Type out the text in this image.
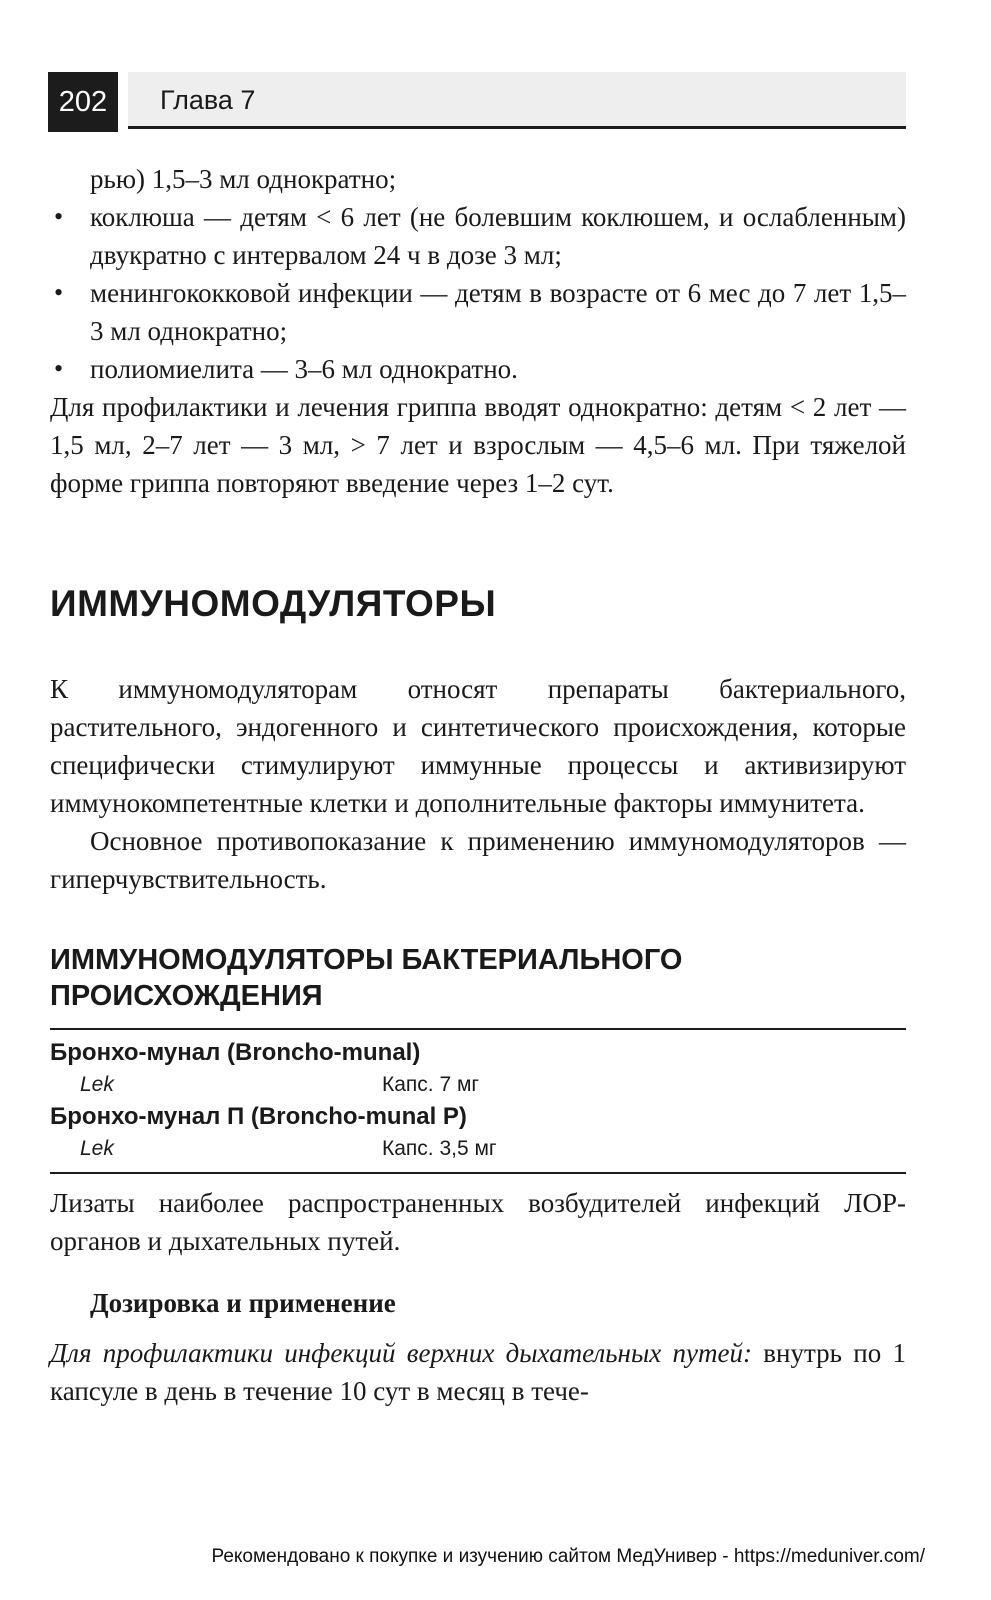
202	Глава 7

рью) 1,5–3 мл однократно;

• коклюша — детям < 6 лет (не болевшим коклюшем, и ослабленным) двукратно с интервалом 24 ч в дозе 3 мл;
• менингококковой инфекции — детям в возрасте от 6 мес до 7 лет 1,5–3 мл однократно;
• полиомиелита — 3–6 мл однократно.

Для профилактики и лечения гриппа вводят однократно: детям < 2 лет — 1,5 мл, 2–7 лет — 3 мл, > 7 лет и взрослым — 4,5–6 мл. При тяжелой форме гриппа повторяют введение через 1–2 сут.

ИММУНОМОДУЛЯТОРЫ

К иммуномодуляторам относят препараты бактериального, растительного, эндогенного и синтетического происхождения, которые специфически стимулируют иммунные процессы и активизируют иммунокомпетентные клетки и дополнительные факторы иммунитета.

Основное противопоказание к применению иммуномодуляторов — гиперчувствительность.

ИММУНОМОДУЛЯТОРЫ БАКТЕРИАЛЬНОГО ПРОИСХОЖДЕНИЯ
Бронхо-мунал (Broncho-munal)
Lek	Капс. 7 мг
Бронхо-мунал П (Broncho-munal P)
Lek	Капс. 3,5 мг

Лизаты наиболее распространенных возбудителей инфекций ЛОР-органов и дыхательных путей.

Дозировка и применение

Для профилактики инфекций верхних дыхательных путей: внутрь по 1 капсуле в день в течение 10 сут в месяц в тече-

Рекомендовано к покупке и изучению сайтом МедУнивер - https://meduniver.com/
